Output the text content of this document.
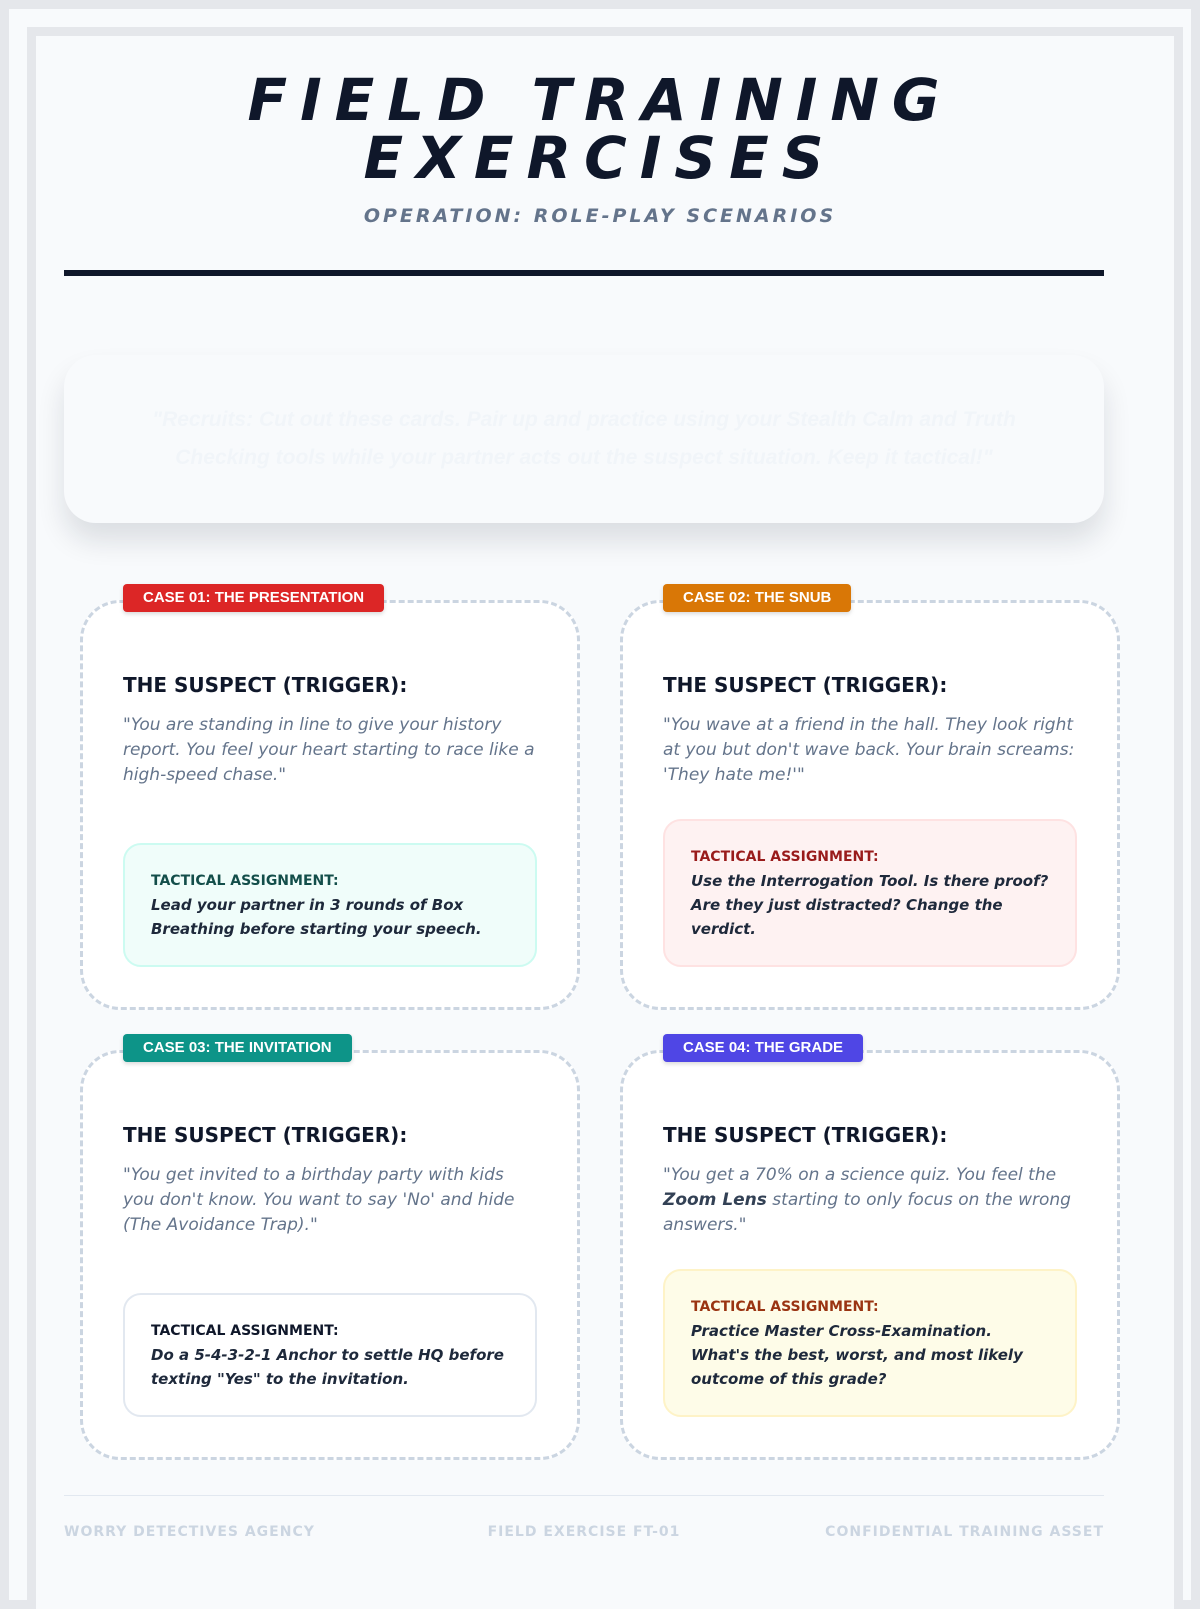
FIELD TRAINING
EXERCISES
OPERATION: ROLE-PLAY SCENARIOS

"Recruits: Cut out these cards. Pair up and practice using your Stealth Calm and Truth Checking tools while your partner acts out the suspect situation. Keep it tactical!"

CASE 01: THE PRESENTATION
THE SUSPECT (TRIGGER):

"You are standing in line to give your history report. You feel your heart starting to race like a high-speed chase."

TACTICAL ASSIGNMENT:
Lead your partner in 3 rounds of Box Breathing before starting your speech.
CASE 02: THE SNUB
THE SUSPECT (TRIGGER):

"You wave at a friend in the hall. They look right at you but don't wave back. Your brain screams: 'They hate me!'"

TACTICAL ASSIGNMENT:
Use the Interrogation Tool. Is there proof? Are they just distracted? Change the verdict.
CASE 03: THE INVITATION
THE SUSPECT (TRIGGER):

"You get invited to a birthday party with kids you don't know. You want to say 'No' and hide (The Avoidance Trap)."

TACTICAL ASSIGNMENT:
Do a 5-4-3-2-1 Anchor to settle HQ before texting "Yes" to the invitation.
CASE 04: THE GRADE
THE SUSPECT (TRIGGER):

"You get a 70% on a science quiz. You feel the Zoom Lens starting to only focus on the wrong answers."

TACTICAL ASSIGNMENT:
Practice Master Cross-Examination. What's the best, worst, and most likely outcome of this grade?
WORRY DETECTIVES AGENCY	FIELD EXERCISE FT-01	CONFIDENTIAL TRAINING ASSET
